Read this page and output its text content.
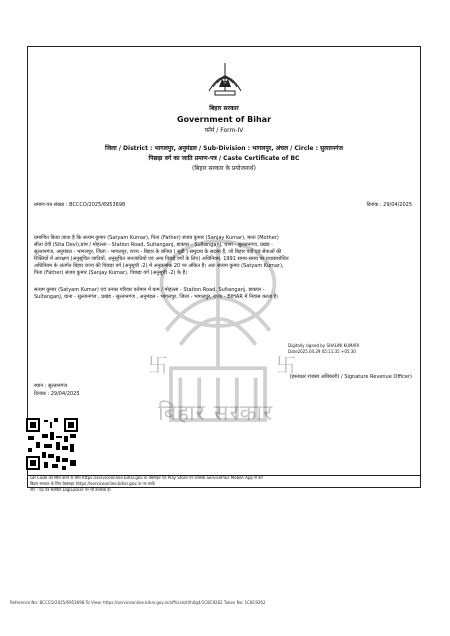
बिहार सरकार
Government of Bihar
फॉर्म / Form-IV
जिला / District : भागलपुर, अनुमंडल / Sub-Division : भागलपुर, अंचल / Circle : सुल्तानगंज
पिछड़ा वर्ग का जाति प्रमाण-पत्र / Caste Certificate of BC
(बिहार सरकार के प्रयोजनार्थ)
प्रमाण-पत्र संख्या : BCCCO/2025/6953698	दिनांक : 29/04/2025
प्रमाणित किया जाता है कि सत्यम कुमार (Satyam Kumar), पिता (Father) संजय कुमार (Sanjay Kumar), माता (Mother)
सीता देवी (Sita Devi),ग्राम / मोहल्ला - Station Road, Sultanganj, डाकघर - Sultanganj, थाना - सुल्तानगंज, प्रखंड -
सुल्तानगंज, अनुमंडल - भागलपुर, जिला - भागलपुर, राज्य - बिहार के बनिया ( सूड़ी ) समुदाय के सदस्य हैं, जो बिहार पदों एवं सेवाओं की
रिक्तियों में आरक्षण (अनुसूचित जातियों, अनुसूचित जनजातियों एवं अन्य पिछड़े वर्गों के लिए) अधिनियम, 1991 समय-समय पर यथासंशोधित
अधिनियम के अंतर्गत बिहार राज्य की पिछड़ा वर्ग (अनुसूची -2) में अनुक्रमांक 20 पर अंकित है। अतः सत्यम कुमार (Satyam Kumar),
पिता (Father) संजय कुमार (Sanjay Kumar), पिछड़ा वर्ग (अनुसूची -2) के हैं।
सत्यम कुमार (Satyam Kumar) एवं उनका परिवार वर्तमान में ग्राम / मोहल्ला - Station Road, Sultanganj, डाकघर -
Sultanganj, थाना - सुल्तानगंज , प्रखंड - सुल्तानगंज , अनुमंडल - भागलपुर, जिला - भागलपुर, राज्य - BIHAR में निवास करता है।
卐	卐
Digitally signed by SHALINI KUMARI
Date2025.04.29 05:11:35 +05:30
(हस्ताक्षर राजस्व अधिकारी) / Signature Revenue Officer)
स्थान : सुल्तानगंज
दिनांक : 29/04/2025
बिहार सरकार
GR Code को स्कैन करने के लिए https://serviceonline.bihar.gov.in वेबसाइट एवं Play Store पर उपलब्ध ServicePlus Mobile App से करें
बिहार सरकार के लिए वेबसाइट https://serviceonline.bihar.gov.in पर जायें।
नोट : यह पत्र संबंधित DigiLocker पर भी उपलब्ध है।
Reference No: BCCCO/2025/6953698 To View: https://serviceonline.bihar.gov.in/officials/t/lh0g4/1C8C9262 Token No: 1C8C9262
